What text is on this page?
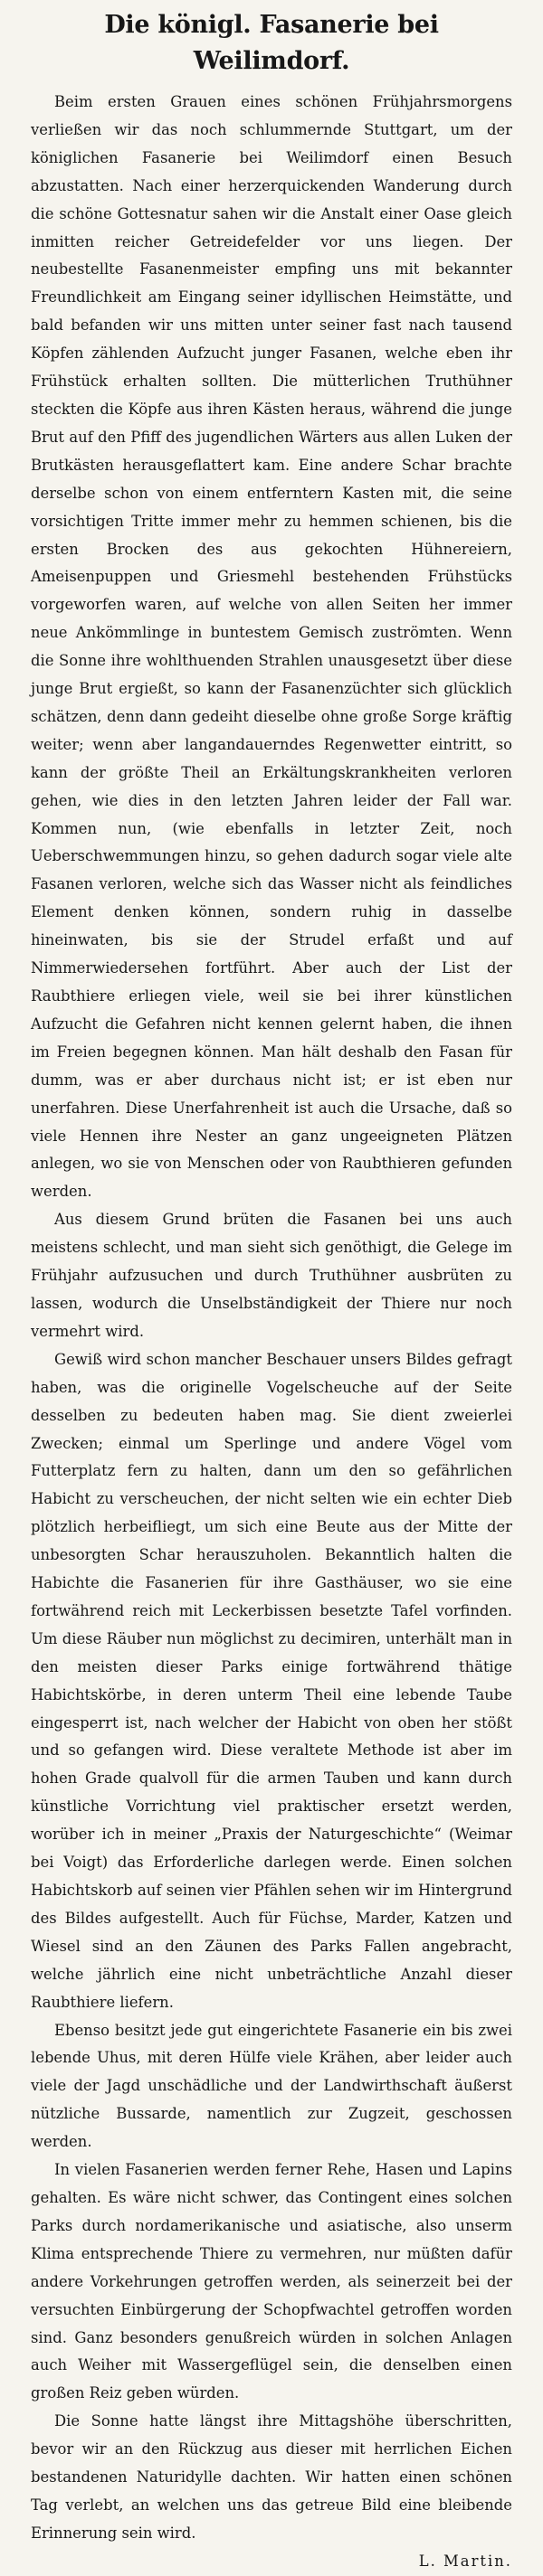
Die königl. Fasanerie bei Weilimdorf.

Beim ersten Grauen eines schönen Frühjahrsmorgens verließen wir das noch schlummernde Stuttgart, um der königlichen Fasanerie bei Weilimdorf einen Besuch abzustatten. Nach einer herzerquickenden Wanderung durch die schöne Gottesnatur sahen wir die Anstalt einer Oase gleich inmitten reicher Getreidefelder vor uns liegen. Der neubestellte Fasanenmeister empfing uns mit bekannter Freundlichkeit am Eingang seiner idyllischen Heimstätte, und bald befanden wir uns mitten unter seiner fast nach tausend Köpfen zählenden Aufzucht junger Fasanen, welche eben ihr Frühstück erhalten sollten. Die mütterlichen Truthühner steckten die Köpfe aus ihren Kästen heraus, während die junge Brut auf den Pfiff des jugendlichen Wärters aus allen Luken der Brutkästen herausgeflattert kam. Eine andere Schar brachte derselbe schon von einem entferntern Kasten mit, die seine vorsichtigen Tritte immer mehr zu hemmen schienen, bis die ersten Brocken des aus gekochten Hühnereiern, Ameisenpuppen und Griesmehl bestehenden Frühstücks vorgeworfen waren, auf welche von allen Seiten her immer neue Ankömmlinge in buntestem Gemisch zuströmten. Wenn die Sonne ihre wohlthuenden Strahlen unausgesetzt über diese junge Brut ergießt, so kann der Fasanenzüchter sich glücklich schätzen, denn dann gedeiht dieselbe ohne große Sorge kräftig weiter; wenn aber langandauerndes Regenwetter eintritt, so kann der größte Theil an Erkältungskrankheiten verloren gehen, wie dies in den letzten Jahren leider der Fall war. Kommen nun, (wie ebenfalls in letzter Zeit, noch Ueberschwemmungen hinzu, so gehen dadurch sogar viele alte Fasanen verloren, welche sich das Wasser nicht als feindliches Element denken können, sondern ruhig in dasselbe hineinwaten, bis sie der Strudel erfaßt und auf Nimmerwiedersehen fortführt. Aber auch der List der Raubthiere erliegen viele, weil sie bei ihrer künstlichen Aufzucht die Gefahren nicht kennen gelernt haben, die ihnen im Freien begegnen können. Man hält deshalb den Fasan für dumm, was er aber durchaus nicht ist; er ist eben nur unerfahren. Diese Unerfahrenheit ist auch die Ursache, daß so viele Hennen ihre Nester an ganz ungeeigneten Plätzen anlegen, wo sie von Menschen oder von Raubthieren gefunden werden.

Aus diesem Grund brüten die Fasanen bei uns auch meistens schlecht, und man sieht sich genöthigt, die Gelege im Frühjahr aufzusuchen und durch Truthühner ausbrüten zu lassen, wodurch die Unselbständigkeit der Thiere nur noch vermehrt wird.

Gewiß wird schon mancher Beschauer unsers Bildes gefragt haben, was die originelle Vogelscheuche auf der Seite desselben zu bedeuten haben mag. Sie dient zweierlei Zwecken; einmal um Sperlinge und andere Vögel vom Futterplatz fern zu halten, dann um den so gefährlichen Habicht zu verscheuchen, der nicht selten wie ein echter Dieb plötzlich herbeifliegt, um sich eine Beute aus der Mitte der unbesorgten Schar herauszuholen. Bekanntlich halten die Habichte die Fasanerien für ihre Gasthäuser, wo sie eine fortwährend reich mit Leckerbissen besetzte Tafel vorfinden. Um diese Räuber nun möglichst zu decimiren, unterhält man in den meisten dieser Parks einige fortwährend thätige Habichtskörbe, in deren unterm Theil eine lebende Taube eingesperrt ist, nach welcher der Habicht von oben her stößt und so gefangen wird. Diese veraltete Methode ist aber im hohen Grade qualvoll für die armen Tauben und kann durch künstliche Vorrichtung viel praktischer ersetzt werden, worüber ich in meiner „Praxis der Naturgeschichte“ (Weimar bei Voigt) das Erforderliche darlegen werde. Einen solchen Habichtskorb auf seinen vier Pfählen sehen wir im Hintergrund des Bildes aufgestellt. Auch für Füchse, Marder, Katzen und Wiesel sind an den Zäunen des Parks Fallen angebracht, welche jährlich eine nicht unbeträchtliche Anzahl dieser Raubthiere liefern.

Ebenso besitzt jede gut eingerichtete Fasanerie ein bis zwei lebende Uhus, mit deren Hülfe viele Krähen, aber leider auch viele der Jagd unschädliche und der Landwirthschaft äußerst nützliche Bussarde, namentlich zur Zugzeit, geschossen werden.

In vielen Fasanerien werden ferner Rehe, Hasen und Lapins gehalten. Es wäre nicht schwer, das Contingent eines solchen Parks durch nordamerikanische und asiatische, also unserm Klima entsprechende Thiere zu vermehren, nur müßten dafür andere Vorkehrungen getroffen werden, als seinerzeit bei der versuchten Einbürgerung der Schopfwachtel getroffen worden sind. Ganz besonders genußreich würden in solchen Anlagen auch Weiher mit Wassergeflügel sein, die denselben einen großen Reiz geben würden.

Die Sonne hatte längst ihre Mittagshöhe überschritten, bevor wir an den Rückzug aus dieser mit herrlichen Eichen bestandenen Naturidylle dachten. Wir hatten einen schönen Tag verlebt, an welchen uns das getreue Bild eine bleibende Erinnerung sein wird.

L. Martin.
